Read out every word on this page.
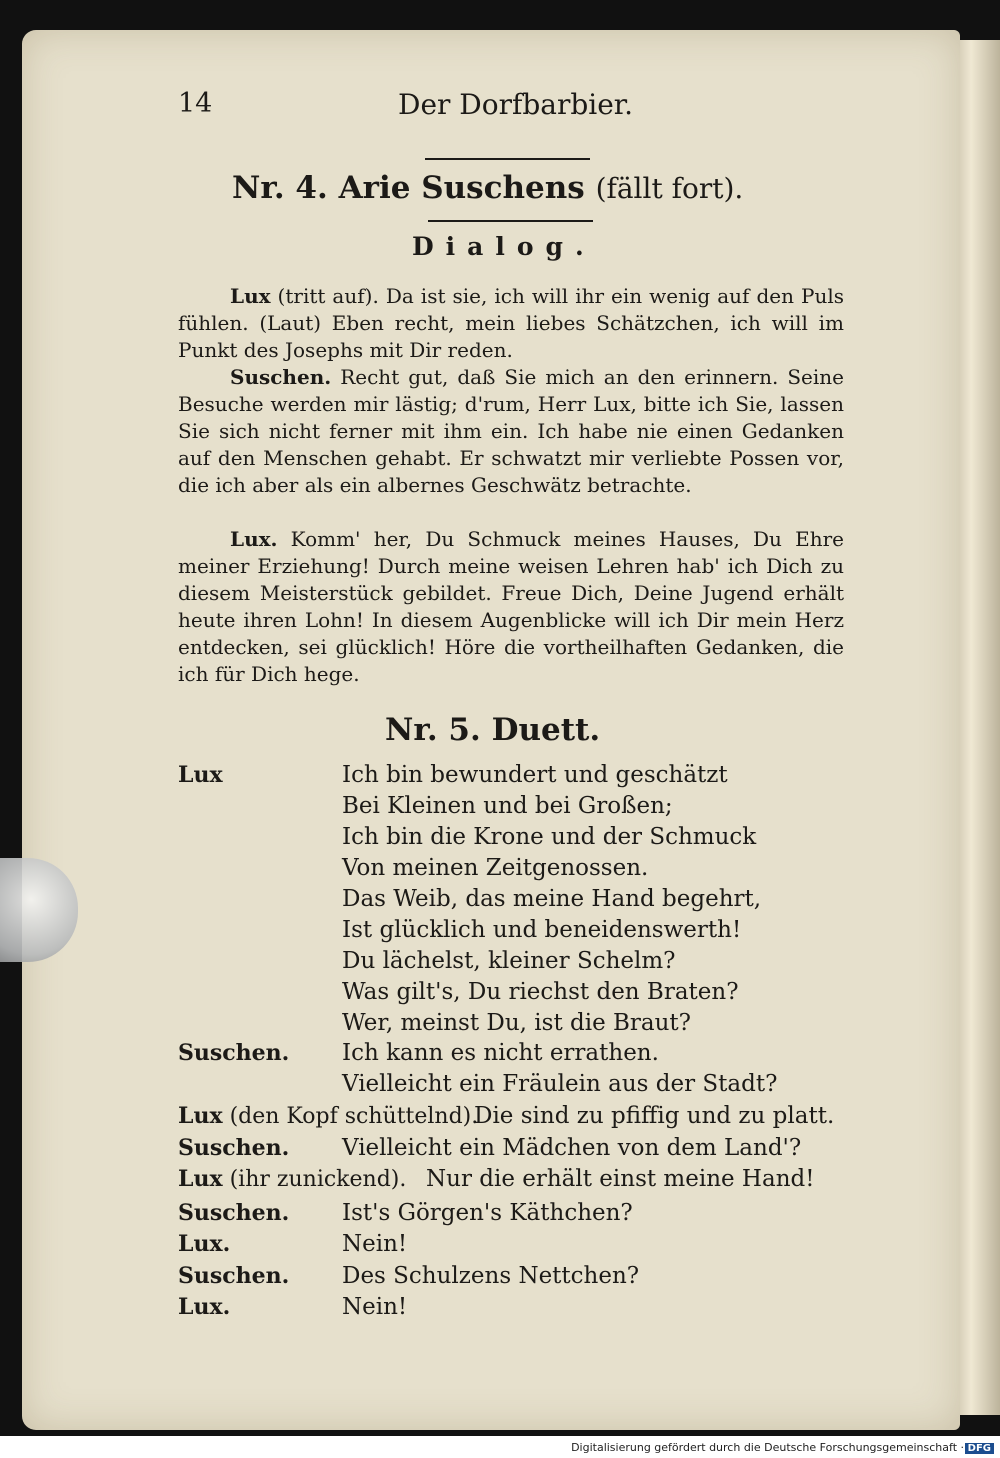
14	Der Dorfbarbier.
Nr. 4. Arie Suschens (fällt fort).
Dialog.
Lux (tritt auf). Da ist sie, ich will ihr ein wenig auf den Puls fühlen. (Laut) Eben recht, mein liebes Schätzchen, ich will im Punkt des Josephs mit Dir reden.
Suschen. Recht gut, daß Sie mich an den erinnern. Seine Besuche werden mir lästig; d'rum, Herr Lux, bitte ich Sie, lassen Sie sich nicht ferner mit ihm ein. Ich habe nie einen Gedanken auf den Menschen gehabt. Er schwatzt mir verliebte Possen vor, die ich aber als ein albernes Geschwätz betrachte.
Lux. Komm' her, Du Schmuck meines Hauses, Du Ehre meiner Erziehung! Durch meine weisen Lehren hab' ich Dich zu diesem Meisterstück gebildet. Freue Dich, Deine Jugend erhält heute ihren Lohn! In diesem Augenblicke will ich Dir mein Herz entdecken, sei glücklich! Höre die vortheilhaften Gedanken, die ich für Dich hege.
Nr. 5. Duett.
Lux
Suschen.
Lux (den Kopf schüttelnd).
Suschen.
Lux (ihr zunickend).
Suschen.
Lux.
Suschen.
Lux.
Ich bin bewundert und geschätzt
Bei Kleinen und bei Großen;
Ich bin die Krone und der Schmuck
Von meinen Zeitgenossen.
Das Weib, das meine Hand begehrt,
Ist glücklich und beneidenswerth!
Du lächelst, kleiner Schelm?
Was gilt's, Du riechst den Braten?
Wer, meinst Du, ist die Braut?
Ich kann es nicht errathen.
Vielleicht ein Fräulein aus der Stadt?
Die sind zu pfiffig und zu platt.
Vielleicht ein Mädchen von dem Land'?
Nur die erhält einst meine Hand!
Ist's Görgen's Käthchen?
Nein!
Des Schulzens Nettchen?
Nein!
Digitalisierung gefördert durch die Deutsche Forschungsgemeinschaft · DFG
